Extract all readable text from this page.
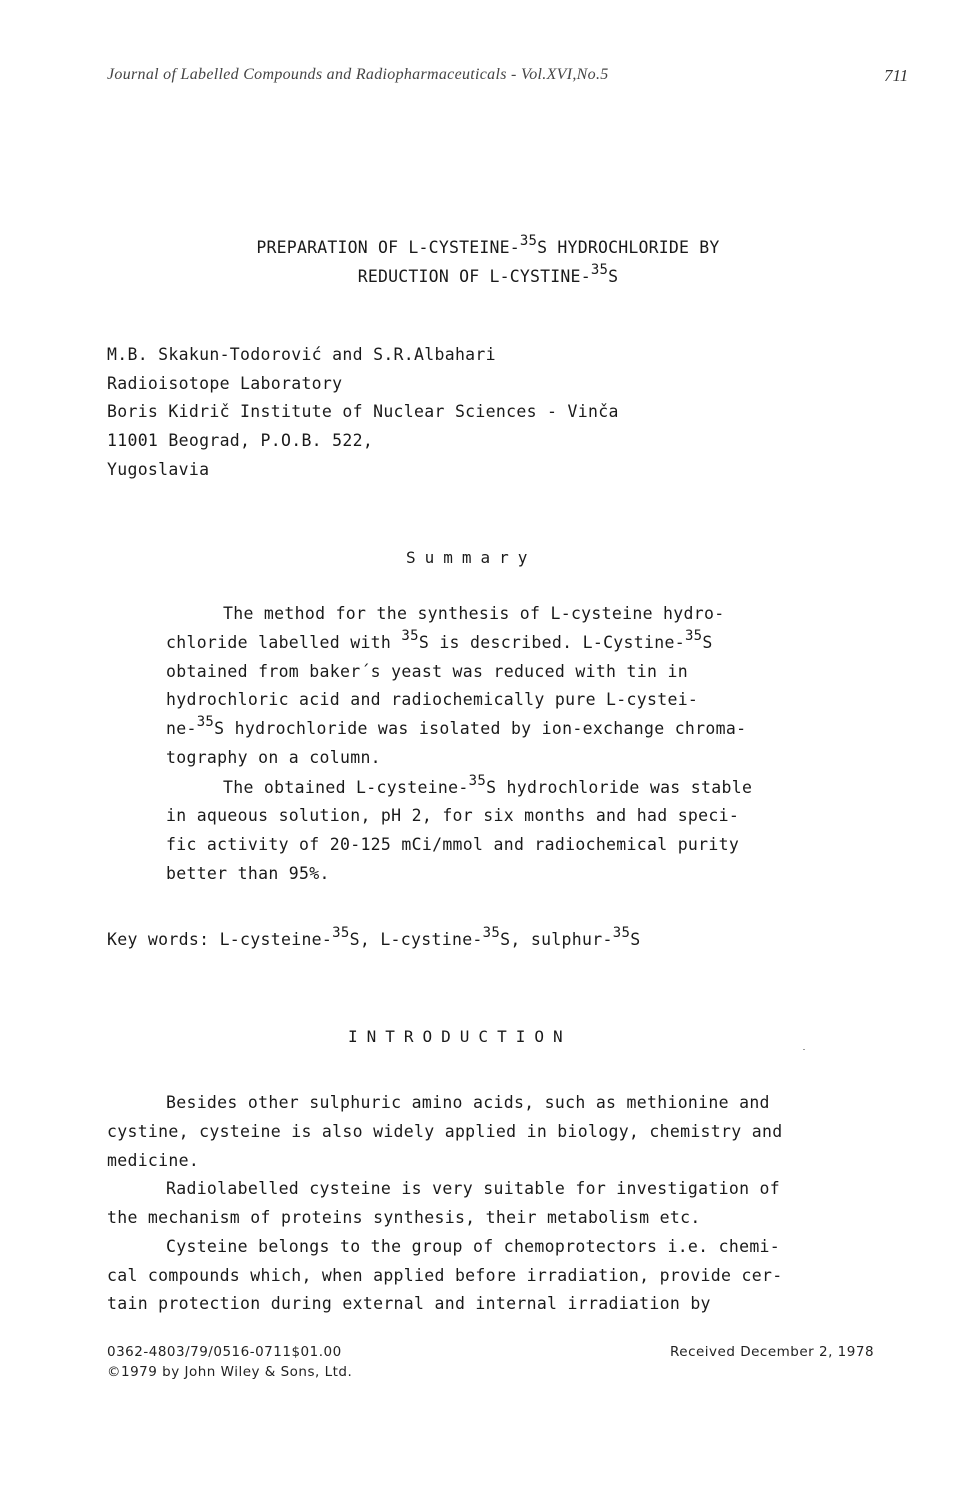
Journal of Labelled Compounds and Radiopharmaceuticals - Vol.XVI,No.5	711
PREPARATION OF L-CYSTEINE-$^{35}$S HYDROCHLORIDE BY
REDUCTION OF L-CYSTINE-$^{35}$S
M.B. Skakun-Todorović and S.R.Albahari
Radioisotope Laboratory
Boris Kidrič Institute of Nuclear Sciences - Vinča
11001 Beograd, P.O.B. 522,
Yugoslavia
Summary
The method for the synthesis of L-cysteine hydro-
chloride labelled with $^{35}$S is described. L-Cystine-$^{35}$S
obtained from baker´s yeast was reduced with tin in
hydrochloric acid and radiochemically pure L-cystei-
ne-$^{35}$S hydrochloride was isolated by ion-exchange chroma-
tography on a column.
The obtained L-cysteine-$^{35}$S hydrochloride was stable
in aqueous solution, pH 2, for six months and had speci-
fic activity of 20-125 mCi/mmol and radiochemical purity
better than 95%.
Key words: L-cysteine-$^{35}$S, L-cystine-$^{35}$S, sulphur-$^{35}$S
INTRODUCTION
Besides other sulphuric amino acids, such as methionine and
cystine, cysteine is also widely applied in biology, chemistry and
medicine.
Radiolabelled cysteine is very suitable for investigation of
the mechanism of proteins synthesis, their metabolism etc.
Cysteine belongs to the group of chemoprotectors i.e. chemi-
cal compounds which, when applied before irradiation, provide cer-
tain protection during external and internal irradiation by
0362-4803/79/0516-0711$01.00
©1979 by John Wiley & Sons, Ltd.
Received December 2, 1978
